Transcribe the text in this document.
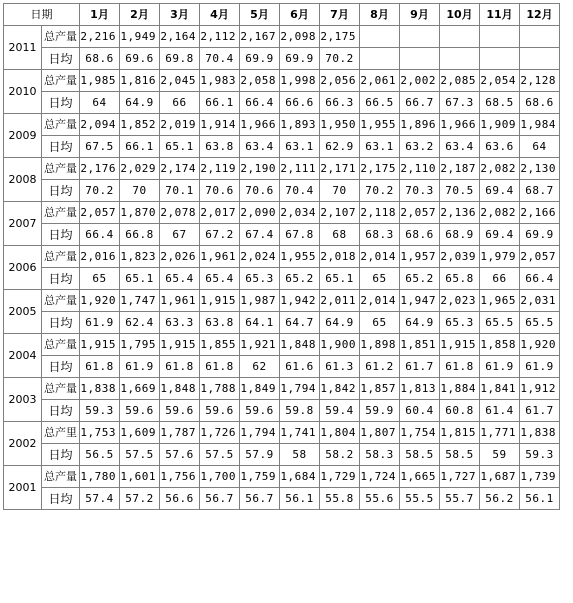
日期		1月	2月	3月	4月	5月	6月	7月	8月	9月	10月	11月	12月
2011	总产量	2,216	1,949	2,164	2,112	2,167	2,098	2,175					
	日均	68.6	69.6	69.8	70.4	69.9	69.9	70.2					
2010	总产量	1,985	1,816	2,045	1,983	2,058	1,998	2,056	2,061	2,002	2,085	2,054	2,128
	日均	64	64.9	66	66.1	66.4	66.6	66.3	66.5	66.7	67.3	68.5	68.6
2009	总产量	2,094	1,852	2,019	1,914	1,966	1,893	1,950	1,955	1,896	1,966	1,909	1,984
	日均	67.5	66.1	65.1	63.8	63.4	63.1	62.9	63.1	63.2	63.4	63.6	64
2008	总产量	2,176	2,029	2,174	2,119	2,190	2,111	2,171	2,175	2,110	2,187	2,082	2,130
	日均	70.2	70	70.1	70.6	70.6	70.4	70	70.2	70.3	70.5	69.4	68.7
2007	总产量	2,057	1,870	2,078	2,017	2,090	2,034	2,107	2,118	2,057	2,136	2,082	2,166
	日均	66.4	66.8	67	67.2	67.4	67.8	68	68.3	68.6	68.9	69.4	69.9
2006	总产量	2,016	1,823	2,026	1,961	2,024	1,955	2,018	2,014	1,957	2,039	1,979	2,057
	日均	65	65.1	65.4	65.4	65.3	65.2	65.1	65	65.2	65.8	66	66.4
2005	总产量	1,920	1,747	1,961	1,915	1,987	1,942	2,011	2,014	1,947	2,023	1,965	2,031
	日均	61.9	62.4	63.3	63.8	64.1	64.7	64.9	65	64.9	65.3	65.5	65.5
2004	总产量	1,915	1,795	1,915	1,855	1,921	1,848	1,900	1,898	1,851	1,915	1,858	1,920
	日均	61.8	61.9	61.8	61.8	62	61.6	61.3	61.2	61.7	61.8	61.9	61.9
2003	总产量	1,838	1,669	1,848	1,788	1,849	1,794	1,842	1,857	1,813	1,884	1,841	1,912
	日均	59.3	59.6	59.6	59.6	59.6	59.8	59.4	59.9	60.4	60.8	61.4	61.7
2002	总产里	1,753	1,609	1,787	1,726	1,794	1,741	1,804	1,807	1,754	1,815	1,771	1,838
	日均	56.5	57.5	57.6	57.5	57.9	58	58.2	58.3	58.5	58.5	59	59.3
2001	总产量	1,780	1,601	1,756	1,700	1,759	1,684	1,729	1,724	1,665	1,727	1,687	1,739
	日均	57.4	57.2	56.6	56.7	56.7	56.1	55.8	55.6	55.5	55.7	56.2	56.1
